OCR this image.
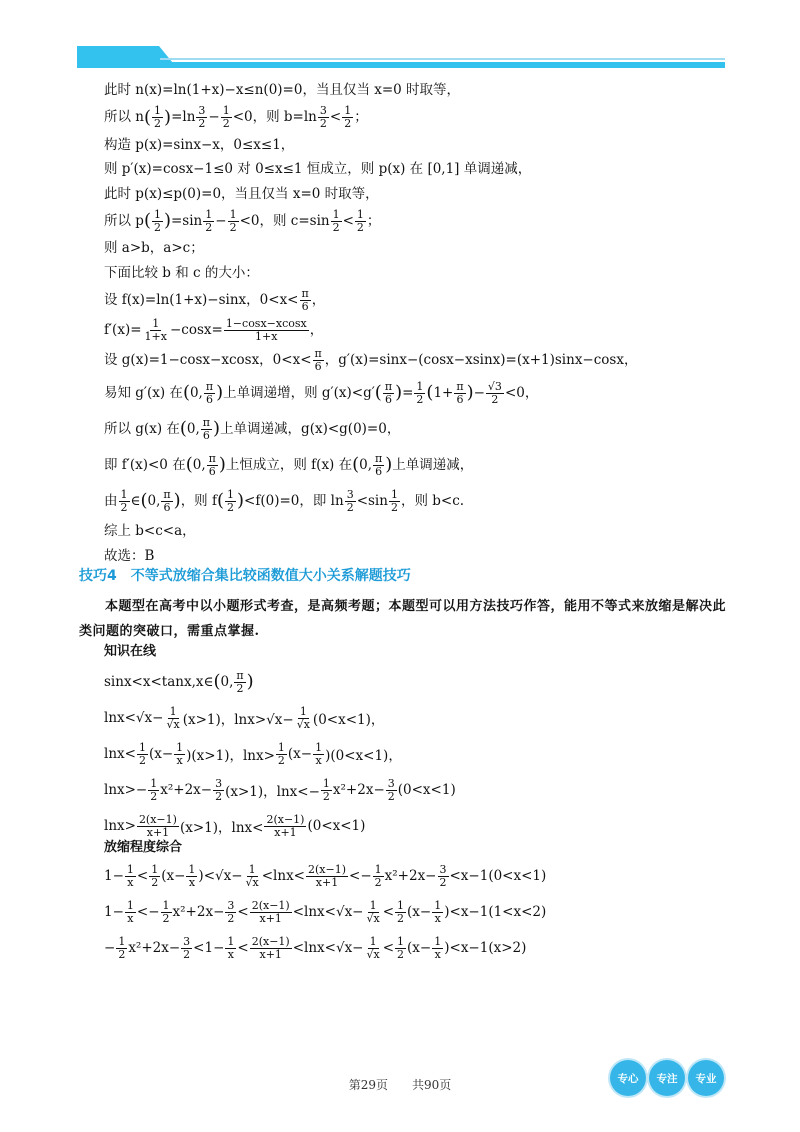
此时 n(x)=ln(1+x)−x≤n(0)=0，当且仅当 x=0 时取等，
所以 n ( $\frac{1}{2}$ ) $=\ln \frac{3}{2} - \frac{1}{2} <0$，则 $b=\ln \frac{3}{2} < \frac{1}{2}$ ；
构造 p(x)=sinx−x，0≤x≤1，
则 p′(x)=cosx−1≤0 对 0≤x≤1 恒成立，则 p(x) 在 [0,1] 单调递减，
此时 p(x)≤p(0)=0，当且仅当 x=0 时取等，
所以 p ( $\frac{1}{2}$ ) $=\sin \frac{1}{2} - \frac{1}{2} <0$，则 $c=\sin \frac{1}{2} < \frac{1}{2}$ ；
则 a>b，a>c；
下面比较 b 和 c 的大小：
设 f(x)=ln(1+x)−sinx，$0<x< \frac{\pi}{6}$ ，
$f'(x)= \frac{1}{1+x} -\cos x= \frac{1-\cos x-xcosx}{1+x}$ ，
设 g(x)=1−cosx−xcosx，$0<x< \frac{\pi}{6}$ ，g′(x)=sinx−(cosx−xsinx)=(x+1)sinx−cosx，
易知 g′(x) 在 ( 0, $\frac{\pi}{6}$ ) 上单调递增，则 g′(x)<g′ ( $\frac{\pi}{6}$ ) = $\frac{1}{2}$ ( $1+ \frac{\pi}{6}$ ) − $\frac{√3}{2} <0$，
所以 g(x) 在 ( 0, $\frac{\pi}{6}$ ) 上单调递减，g(x)<g(0)=0，
即 f′(x)<0 在 ( 0, $\frac{\pi}{6}$ ) 上恒成立，则 f(x) 在 ( 0, $\frac{\pi}{6}$ ) 上单调递减，
由 $\frac{1}{2}$ ∈ ( 0, $\frac{\pi}{6}$ ) ，则 f ( $\frac{1}{2}$ ) <f(0)=0，即 $\ln \frac{3}{2} <\sin \frac{1}{2}$ ，则 b<c.
综上 b<c<a，
故选：B
技巧4　不等式放缩合集比较函数值大小关系解题技巧
本题型在高考中以小题形式考查，是高频考题；本题型可以用方法技巧作答，能用不等式来放缩是解决此类问题的突破口，需重点掌握.
知识在线
sinx<x<tanx,x∈ ( 0, $\frac{\pi}{2}$ )
$\ln x<√x- \frac{1}{√x} (x>1)$，$\ln x>√x- \frac{1}{√x} (0<x<1)$，
$\ln x< \frac{1}{2} (x- \frac{1}{x} )(x>1)$，$\ln x> \frac{1}{2} (x- \frac{1}{x} )(0<x<1)$，
$\ln x>- \frac{1}{2} x^2+2x- \frac{3}{2} (x>1)$，$\ln x<- \frac{1}{2} x^2+2x- \frac{3}{2} (0<x<1)$
$\ln x> \frac{2(x-1)}{x+1} (x>1)$，$\ln x< \frac{2(x-1)}{x+1} (0<x<1)$
放缩程度综合
$1- \frac{1}{x} < \frac{1}{2} (x- \frac{1}{x} )<√x- \frac{1}{√x} <\ln x< \frac{2(x-1)}{x+1} <- \frac{1}{2} x^2+2x- \frac{3}{2} <x-1(0<x<1)$
$1- \frac{1}{x} <- \frac{1}{2} x^2+2x- \frac{3}{2} < \frac{2(x-1)}{x+1} <\ln x<√x- \frac{1}{√x} < \frac{1}{2} (x- \frac{1}{x} )<x-1(1<x<2)$
− $\frac{1}{2} x^2+2x- \frac{3}{2} <1- \frac{1}{x} < \frac{2(x-1)}{x+1} <\ln x<√x- \frac{1}{√x} < \frac{1}{2} (x- \frac{1}{x} )<x-1(x>2)$
第29页　　共90页	专心	专注	专业
